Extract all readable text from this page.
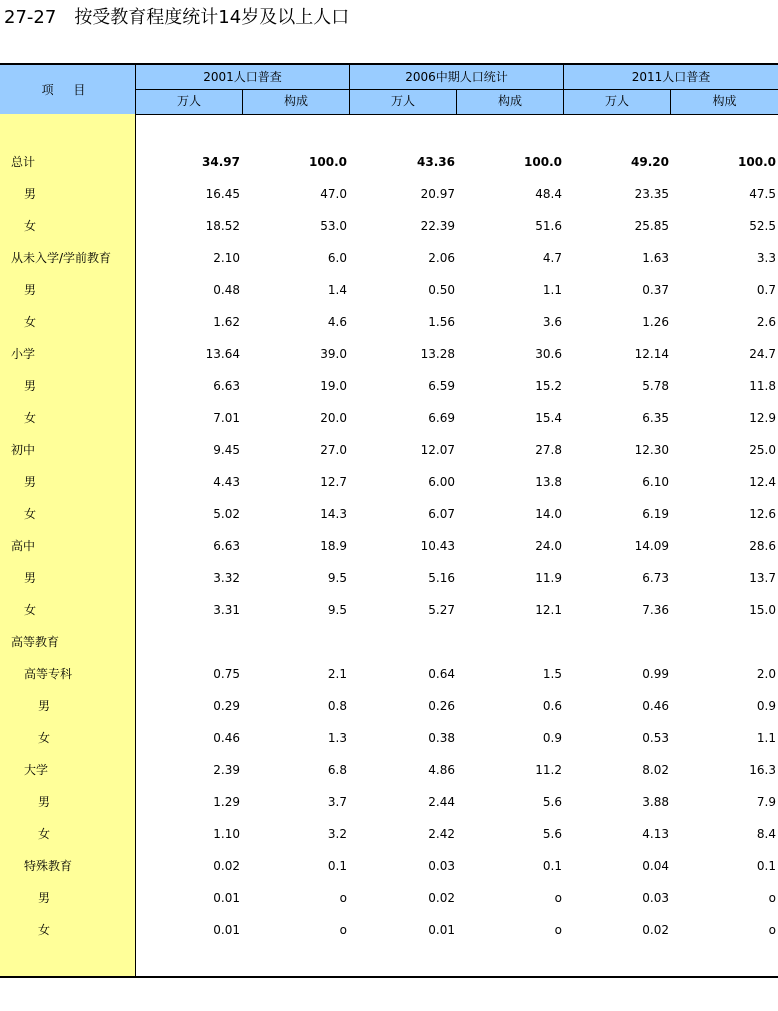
27-27 按受教育程度统计14岁及以上人口
项 目
2001人口普查	2006中期人口统计	2011人口普查
万人	构成	万人	构成	万人	构成
总计	34.97	100.0	43.36	100.0	49.20	100.0
男	16.45	47.0	20.97	48.4	23.35	47.5
女	18.52	53.0	22.39	51.6	25.85	52.5
从未入学/学前教育	2.10	6.0	2.06	4.7	1.63	3.3
男	0.48	1.4	0.50	1.1	0.37	0.7
女	1.62	4.6	1.56	3.6	1.26	2.6
小学	13.64	39.0	13.28	30.6	12.14	24.7
男	6.63	19.0	6.59	15.2	5.78	11.8
女	7.01	20.0	6.69	15.4	6.35	12.9
初中	9.45	27.0	12.07	27.8	12.30	25.0
男	4.43	12.7	6.00	13.8	6.10	12.4
女	5.02	14.3	6.07	14.0	6.19	12.6
高中	6.63	18.9	10.43	24.0	14.09	28.6
男	3.32	9.5	5.16	11.9	6.73	13.7
女	3.31	9.5	5.27	12.1	7.36	15.0
高等教育
高等专科	0.75	2.1	0.64	1.5	0.99	2.0
男	0.29	0.8	0.26	0.6	0.46	0.9
女	0.46	1.3	0.38	0.9	0.53	1.1
大学	2.39	6.8	4.86	11.2	8.02	16.3
男	1.29	3.7	2.44	5.6	3.88	7.9
女	1.10	3.2	2.42	5.6	4.13	8.4
特殊教育	0.02	0.1	0.03	0.1	0.04	0.1
男	0.01	o	0.02	o	0.03	o
女	0.01	o	0.01	o	0.02	o
